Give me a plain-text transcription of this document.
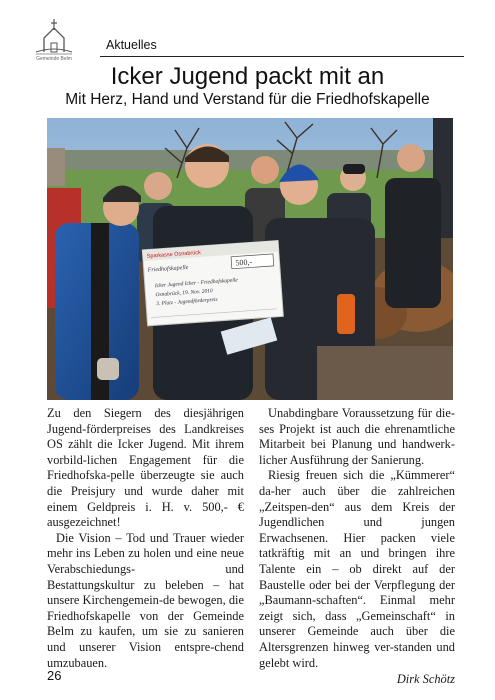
Gemeinde Belm
Aktuelles
Icker Jugend packt mit an
Mit Herz, Hand und Verstand für die Friedhofskapelle
Sparkasse Osnabrück
500,-
Friedhofskapelle
Icker Jugend Icker - Friedhofskapelle
Osnabrück, 19. Nov. 2010
3. Platz - Jugendförderpreis

Zu den Siegern des diesjährigen Jugend-förderpreises des Landkreises OS zählt die Icker Jugend. Mit ihrem vorbild-lichen Engagement für die Friedhofska-pelle überzeugte sie auch die Preisjury und wurde daher mit einem Geldpreis i. H. v. 500,- € ausgezeichnet!

Die Vision – Tod und Trauer wieder mehr ins Leben zu holen und eine neue Verabschiedungs- und Bestattungskultur zu beleben – hat unsere Kirchengemein-de bewogen, die Friedhofskapelle von der Gemeinde Belm zu kaufen, um sie zu sanieren und unserer Vision entspre-chend umzubauen.

Unabdingbare Voraussetzung für die-ses Projekt ist auch die ehrenamtliche Mitarbeit bei Planung und handwerk-licher Ausführung der Sanierung.

Riesig freuen sich die „Kümmerer“ da-her auch über die zahlreichen „Zeitspen-den“ aus dem Kreis der Jugendlichen und jungen Erwachsenen. Hier packen viele tatkräftig mit an und bringen ihre Talente ein – ob direkt auf der Baustelle oder bei der Verpflegung der „Baumann-schaften“. Einmal mehr zeigt sich, dass „Gemeinschaft“ in unserer Gemeinde auch über die Altersgrenzen hinweg ver-standen und gelebt wird.

Dirk Schötz

26
